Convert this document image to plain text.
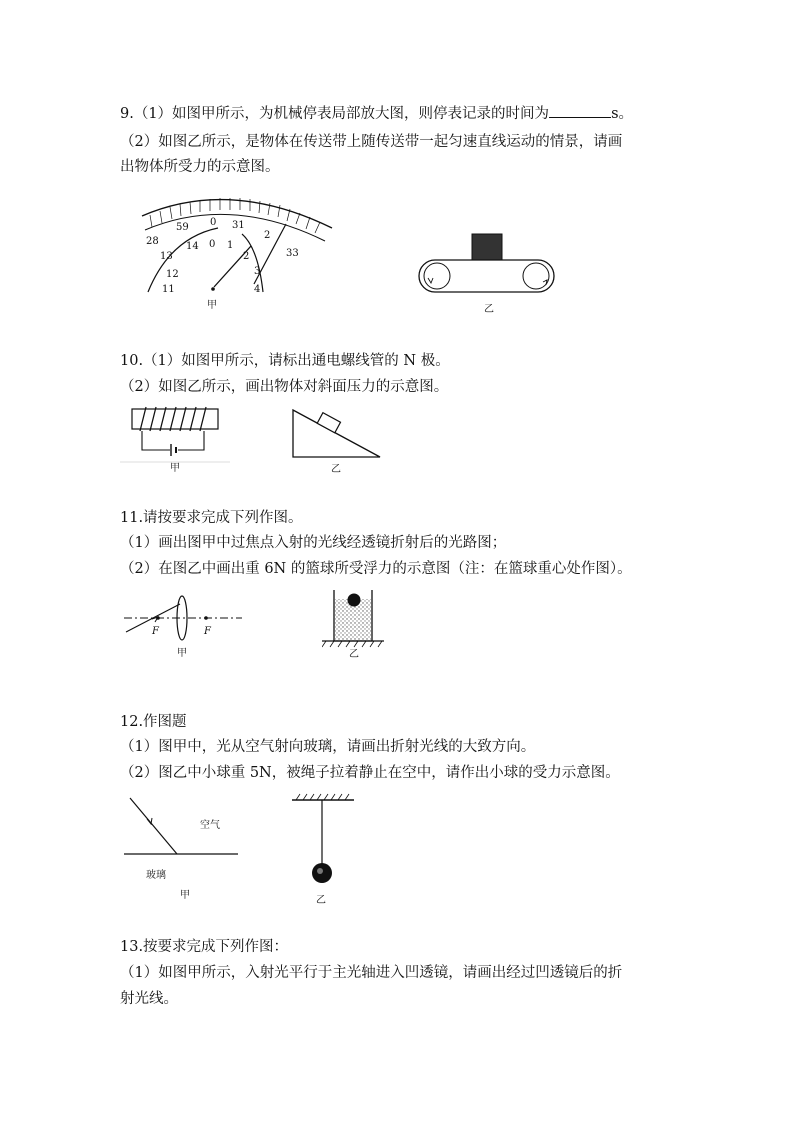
9.（1）如图甲所示，为机械停表局部放大图，则停表记录的时间为	s。
（2）如图乙所示，是物体在传送带上随传送带一起匀速直线运动的情景，请画
出物体所受力的示意图。
28
59 0 31
2
33
13
14 0 1
2
3
12
11	4
甲	乙
10.（1）如图甲所示，请标出通电螺线管的 N 极。
（2）如图乙所示，画出物体对斜面压力的示意图。
甲	乙
11.请按要求完成下列作图。
（1）画出图甲中过焦点入射的光线经透镜折射后的光路图；
（2）在图乙中画出重 6N 的篮球所受浮力的示意图（注：在篮球重心处作图）。
F	F
甲	乙
12.作图题
（1）图甲中，光从空气射向玻璃，请画出折射光线的大致方向。
（2）图乙中小球重 5N，被绳子拉着静止在空中，请作出小球的受力示意图。
空气
玻璃
甲	乙
13.按要求完成下列作图：
（1）如图甲所示，入射光平行于主光轴进入凹透镜，请画出经过凹透镜后的折
射光线。
